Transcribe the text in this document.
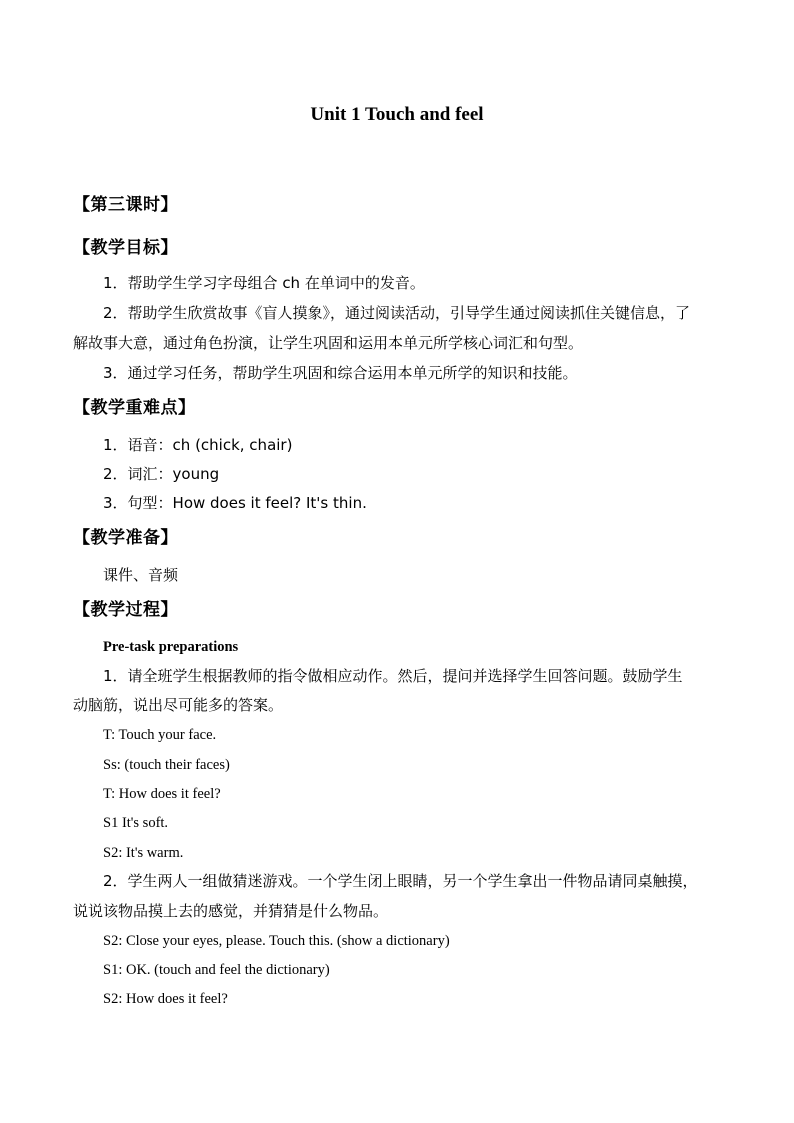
Unit 1 Touch and feel
【第三课时】
【教学目标】
1．帮助学生学习字母组合 ch 在单词中的发音。
2．帮助学生欣赏故事《盲人摸象》，通过阅读活动，引导学生通过阅读抓住关键信息，了
解故事大意，通过角色扮演，让学生巩固和运用本单元所学核心词汇和句型。
3．通过学习任务，帮助学生巩固和综合运用本单元所学的知识和技能。
【教学重难点】
1．语音：ch (chick, chair)
2．词汇：young
3．句型：How does it feel? It's thin.
【教学准备】
课件、音频
【教学过程】
Pre-task preparations
1．请全班学生根据教师的指令做相应动作。然后，提问并选择学生回答问题。鼓励学生
动脑筋，说出尽可能多的答案。
T: Touch your face.
Ss: (touch their faces)
T: How does it feel?
S1 It's soft.
S2: It's warm.
2．学生两人一组做猜迷游戏。一个学生闭上眼睛，另一个学生拿出一件物品请同桌触摸，
说说该物品摸上去的感觉，并猜猜是什么物品。
S2: Close your eyes, please. Touch this. (show a dictionary)
S1: OK. (touch and feel the dictionary)
S2: How does it feel?
